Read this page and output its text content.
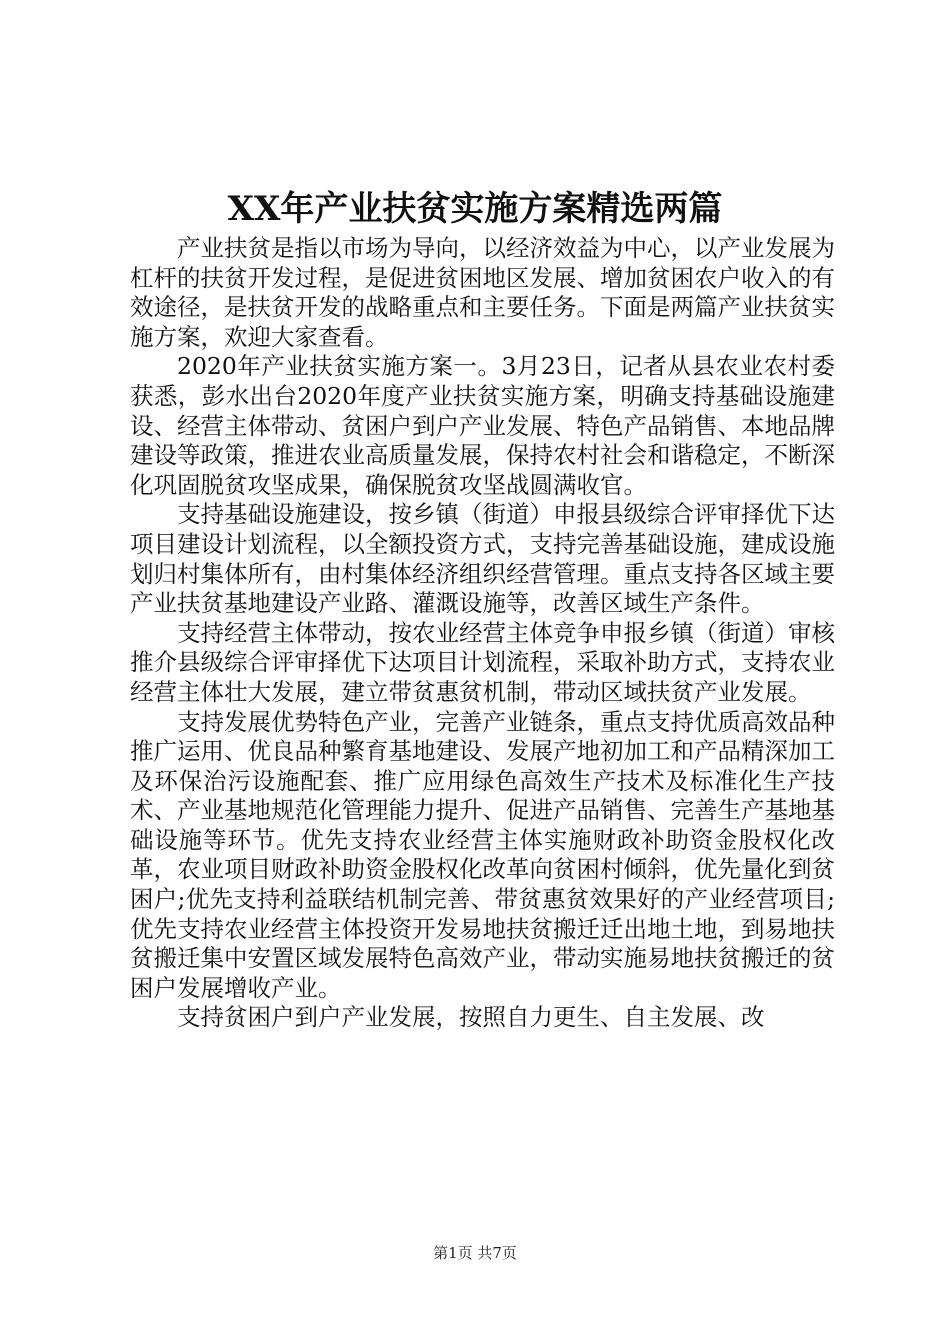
XX年产业扶贫实施方案精选两篇

产业扶贫是指以市场为导向，以经济效益为中心，以产业发展为杠杆的扶贫开发过程，是促进贫困地区发展、增加贫困农户收入的有效途径，是扶贫开发的战略重点和主要任务。下面是两篇产业扶贫实施方案，欢迎大家查看。

2020年产业扶贫实施方案一。3月23日，记者从县农业农村委获悉，彭水出台2020年度产业扶贫实施方案，明确支持基础设施建设、经营主体带动、贫困户到户产业发展、特色产品销售、本地品牌建设等政策，推进农业高质量发展，保持农村社会和谐稳定，不断深化巩固脱贫攻坚成果，确保脱贫攻坚战圆满收官。

支持基础设施建设，按乡镇（街道）申报县级综合评审择优下达项目建设计划流程，以全额投资方式，支持完善基础设施，建成设施划归村集体所有，由村集体经济组织经营管理。重点支持各区域主要产业扶贫基地建设产业路、灌溉设施等，改善区域生产条件。

支持经营主体带动，按农业经营主体竞争申报乡镇（街道）审核推介县级综合评审择优下达项目计划流程，采取补助方式，支持农业经营主体壮大发展，建立带贫惠贫机制，带动区域扶贫产业发展。

支持发展优势特色产业，完善产业链条，重点支持优质高效品种推广运用、优良品种繁育基地建设、发展产地初加工和产品精深加工及环保治污设施配套、推广应用绿色高效生产技术及标准化生产技术、产业基地规范化管理能力提升、促进产品销售、完善生产基地基础设施等环节。优先支持农业经营主体实施财政补助资金股权化改革，农业项目财政补助资金股权化改革向贫困村倾斜，优先量化到贫困户;优先支持利益联结机制完善、带贫惠贫效果好的产业经营项目;优先支持农业经营主体投资开发易地扶贫搬迁迁出地土地，到易地扶贫搬迁集中安置区域发展特色高效产业，带动实施易地扶贫搬迁的贫困户发展增收产业。

支持贫困户到户产业发展，按照自力更生、自主发展、改

第1页 共7页
